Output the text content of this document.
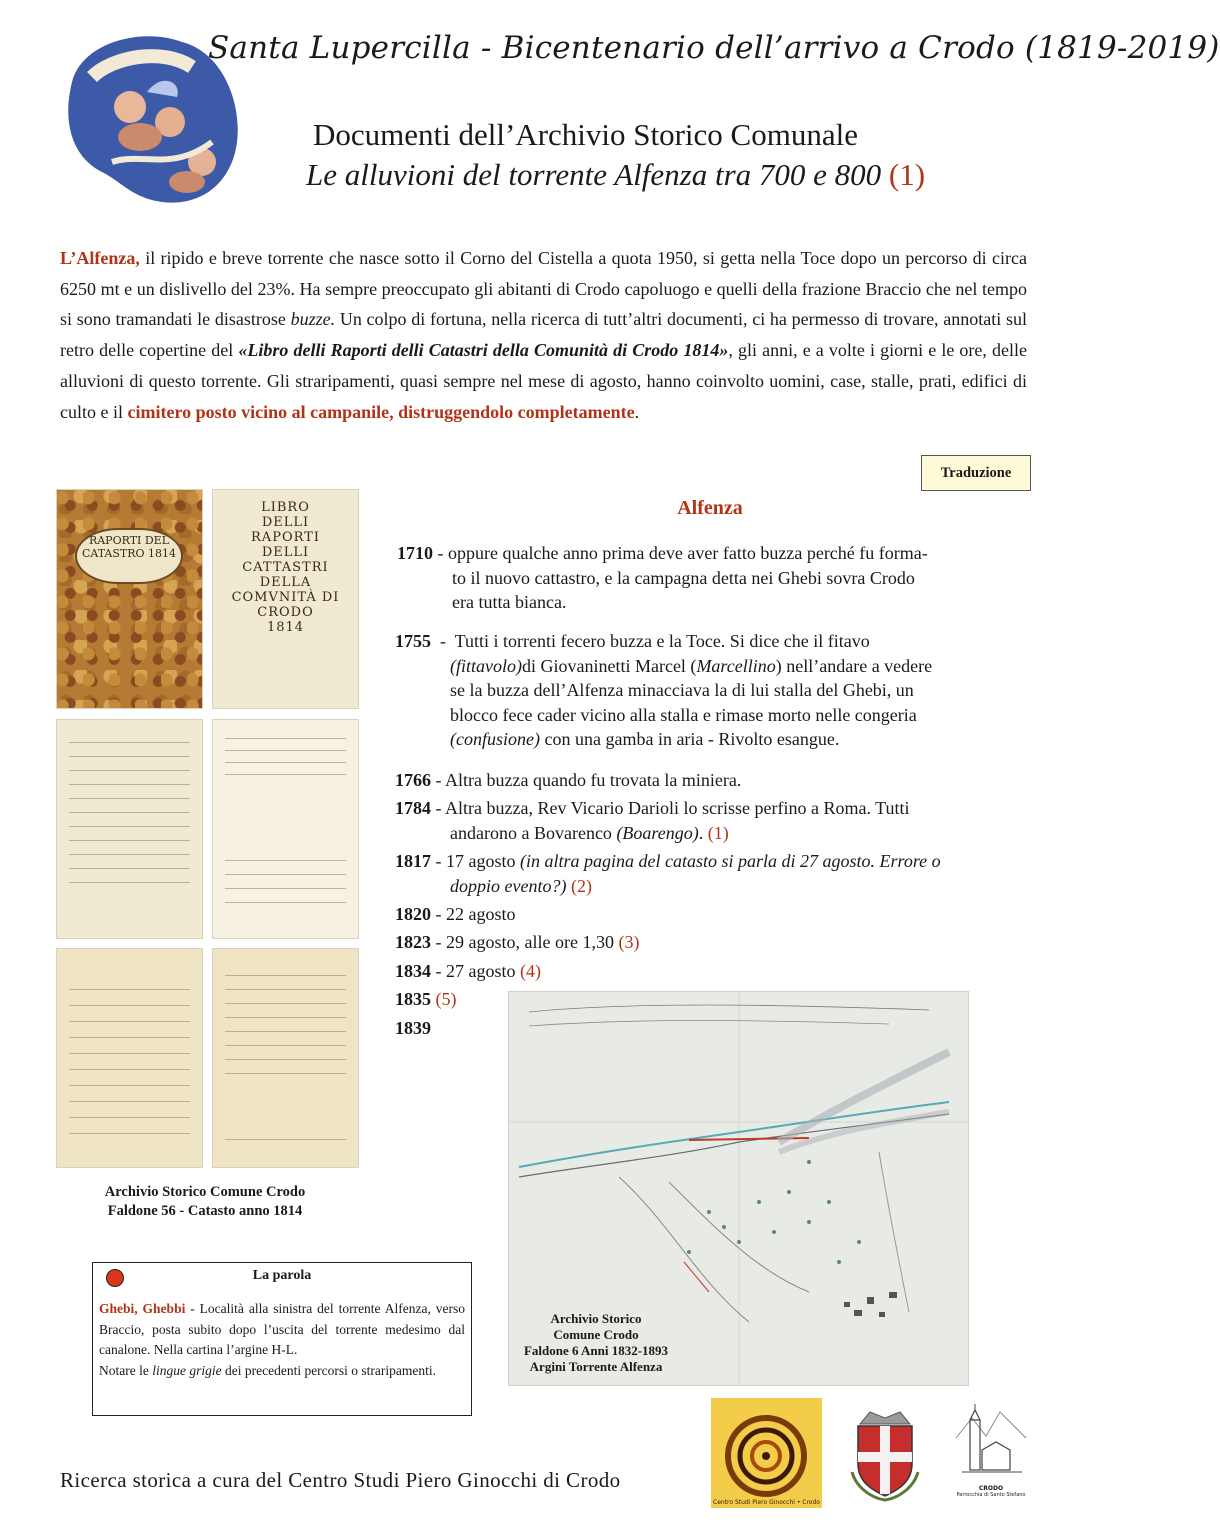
Santa Lupercilla - Bicentenario dell’arrivo a Crodo (1819-2019)
Documenti dell’Archivio Storico Comunale
Le alluvioni del torrente Alfenza tra 700 e 800 (1)
L’Alfenza, il ripido e breve torrente che nasce sotto il Corno del Cistella a quota 1950, si getta nella Toce dopo un percorso di circa 6250 mt e un dislivello del 23%. Ha sempre preoccupato gli abitanti di Crodo capoluogo e quelli della frazione Braccio che nel tempo si sono tramandati le disastrose buzze. Un colpo di fortuna, nella ricerca di tutt’altri documenti, ci ha permesso di trovare, annotati sul retro delle copertine del «Libro delli Raporti delli Catastri della Comunità di Crodo 1814», gli anni, e a volte i giorni e le ore, delle alluvioni di questo torrente. Gli straripamenti, quasi sempre nel mese di agosto, hanno coinvolto uomini, case, stalle, prati, edifici di culto e il cimitero posto vicino al campanile, distruggendolo completamente.
Traduzione
RAPORTI DEL CATASTRO 1814
LIBRO
DELLI
RAPORTI
DELLI
CATTASTRI
DELLA
COMVNITÀ DI
CRODO
1814
Archivio Storico Comune Crodo
Faldone 56 - Catasto anno 1814
La parola
Ghebi, Ghebbi - Località alla sinistra del torrente Alfenza, verso Braccio, posta subito dopo l’uscita del torrente medesimo dal canalone. Nella cartina l’argine H-L.
Notare le lingue grigie dei precedenti percorsi o straripamenti.
Alfenza
1710 - oppure qualche anno prima deve aver fatto buzza perché fu forma-
to il nuovo cattastro, e la campagna detta nei Ghebi sovra Crodo
era tutta bianca.
1755  -  Tutti i torrenti fecero buzza e la Toce. Si dice che il fitavo
(fittavolo)di Giovaninetti Marcel (Marcellino) nell’andare a vedere
se la buzza dell’Alfenza minacciava la di lui stalla del Ghebi, un
blocco fece cader vicino alla stalla e rimase morto nelle congeria
(confusione) con una gamba in aria - Rivolto esangue.
1766 - Altra buzza quando fu trovata la miniera.
1784 - Altra buzza, Rev Vicario Darioli lo scrisse perfino a Roma. Tutti
andarono a Bovarenco (Boarengo). (1)
1817 - 17 agosto (in altra pagina del catasto si parla di 27 agosto. Errore o
doppio evento?) (2)
1820 - 22 agosto
1823 - 29 agosto, alle ore 1,30 (3)
1834 - 27 agosto (4)
1835 (5)
1839
Archivio Storico
Comune Crodo
Faldone 6 Anni 1832-1893
Argini Torrente Alfenza
Ricerca storica a cura del Centro Studi Piero Ginocchi di Crodo
Centro Studi Piero Ginocchi • Crodo
CRODO
Parrocchia di Santo Stefano
